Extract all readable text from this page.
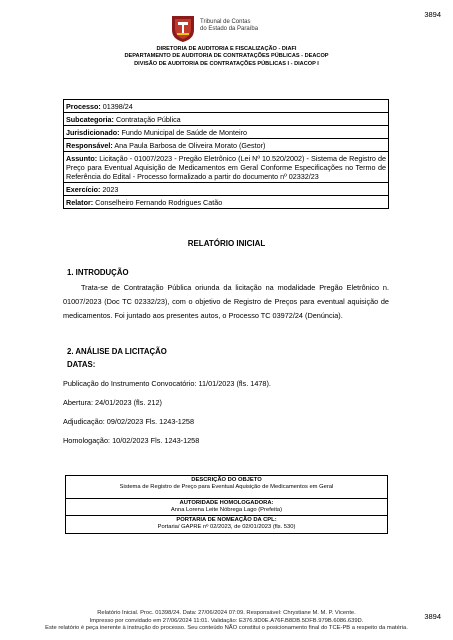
3894
Tribunal de Contas
do Estado da Paraíba
DIRETORIA DE AUDITORIA E FISCALIZAÇÃO - DIAFI
DEPARTAMENTO DE AUDITORIA DE CONTRATAÇÕES PÚBLICAS - DEACOP
DIVISÃO DE AUDITORIA DE CONTRATAÇÕES PÚBLICAS I - DIACOP I
Processo: 01398/24
Subcategoria: Contratação Pública
Jurisdicionado: Fundo Municipal de Saúde de Monteiro
Responsável: Ana Paula Barbosa de Oliveira Morato (Gestor)
Assunto: Licitação - 01007/2023 - Pregão Eletrônico (Lei Nº 10.520/2002) - Sistema de Registro de Preço para Eventual Aquisição de Medicamentos em Geral Conforme Especificações no Termo de Referência do Edital - Processo formalizado a partir do documento nº 02332/23
Exercício: 2023
Relator: Conselheiro Fernando Rodrigues Catão
RELATÓRIO INICIAL
1. INTRODUÇÃO
Trata-se de Contratação Pública oriunda da licitação na modalidade Pregão Eletrônico n. 01007/2023 (Doc TC 02332/23), com o objetivo de Registro de Preços para eventual aquisição de medicamentos. Foi juntado aos presentes autos, o Processo TC 03972/24 (Denúncia).
2. ANÁLISE DA LICITAÇÃO
DATAS:
Publicação do Instrumento Convocatório: 11/01/2023 (fls. 1478).
Abertura: 24/01/2023 (fls. 212)
Adjudicação: 09/02/2023 Fls. 1243-1258
Homologação: 10/02/2023 Fls. 1243-1258
DESCRIÇÃO DO OBJETO
Sistema de Registro de Preço para Eventual Aquisição de Medicamentos em Geral

AUTORIDADE HOMOLOGADORA:
Anna Lorena Leite Nóbrega Lago (Prefeita)

PORTARIA DE NOMEAÇÃO DA CPL:
Portaria/ GAPRE nº 02/2023, de 02/01/2023 (fls. 530)
3894
Relatório Inicial. Proc. 01398/24. Data: 27/06/2024 07:09. Responsável: Chrystiane M. M. P. Vicente.
Impresso por convidado em 27/06/2024 11:01. Validação: E376.9D0E.A76F.B8DB.5DFB.979B.6086.639D.
Este relatório é peça inerente à instrução do processo. Seu conteúdo NÃO constitui o posicionamento final do TCE-PB a respeito da matéria.
